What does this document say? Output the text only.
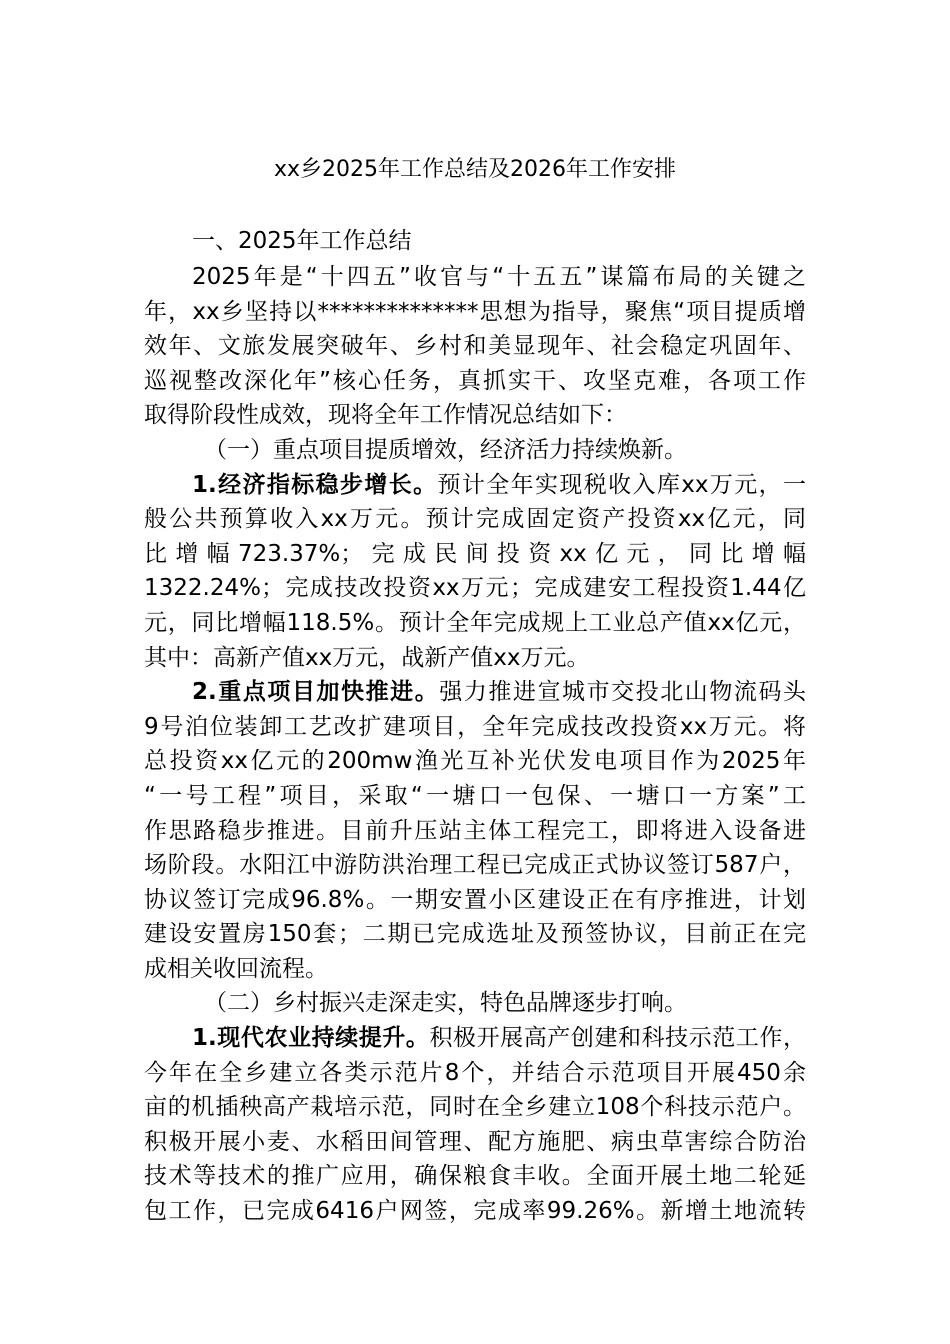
xx乡2025年工作总结及2026年工作安排
一、2025年工作总结
2025年是“十四五”收官与“十五五”谋篇布局的关键之
年，xx乡坚持以**************思想为指导，聚焦“项目提质增
效年、文旅发展突破年、乡村和美显现年、社会稳定巩固年、
巡视整改深化年”核心任务，真抓实干、攻坚克难，各项工作
取得阶段性成效，现将全年工作情况总结如下：
（一）重点项目提质增效，经济活力持续焕新。
1.经济指标稳步增长。预计全年实现税收入库xx万元，一
般公共预算收入xx万元。预计完成固定资产投资xx亿元，同
比增幅723.37%；完成民间投资xx亿元，同比增幅
1322.24%；完成技改投资xx万元；完成建安工程投资1.44亿
元，同比增幅118.5%。预计全年完成规上工业总产值xx亿元，
其中：高新产值xx万元，战新产值xx万元。
2.重点项目加快推进。强力推进宣城市交投北山物流码头
9号泊位装卸工艺改扩建项目，全年完成技改投资xx万元。将
总投资xx亿元的200mw渔光互补光伏发电项目作为2025年
“一号工程”项目，采取“一塘口一包保、一塘口一方案”工
作思路稳步推进。目前升压站主体工程完工，即将进入设备进
场阶段。水阳江中游防洪治理工程已完成正式协议签订587户，
协议签订完成96.8%。一期安置小区建设正在有序推进，计划
建设安置房150套；二期已完成选址及预签协议，目前正在完
成相关收回流程。
（二）乡村振兴走深走实，特色品牌逐步打响。
1.现代农业持续提升。积极开展高产创建和科技示范工作，
今年在全乡建立各类示范片8个，并结合示范项目开展450余
亩的机插秧高产栽培示范，同时在全乡建立108个科技示范户。
积极开展小麦、水稻田间管理、配方施肥、病虫草害综合防治
技术等技术的推广应用，确保粮食丰收。全面开展土地二轮延
包工作，已完成6416户网签，完成率99.26%。新增土地流转
